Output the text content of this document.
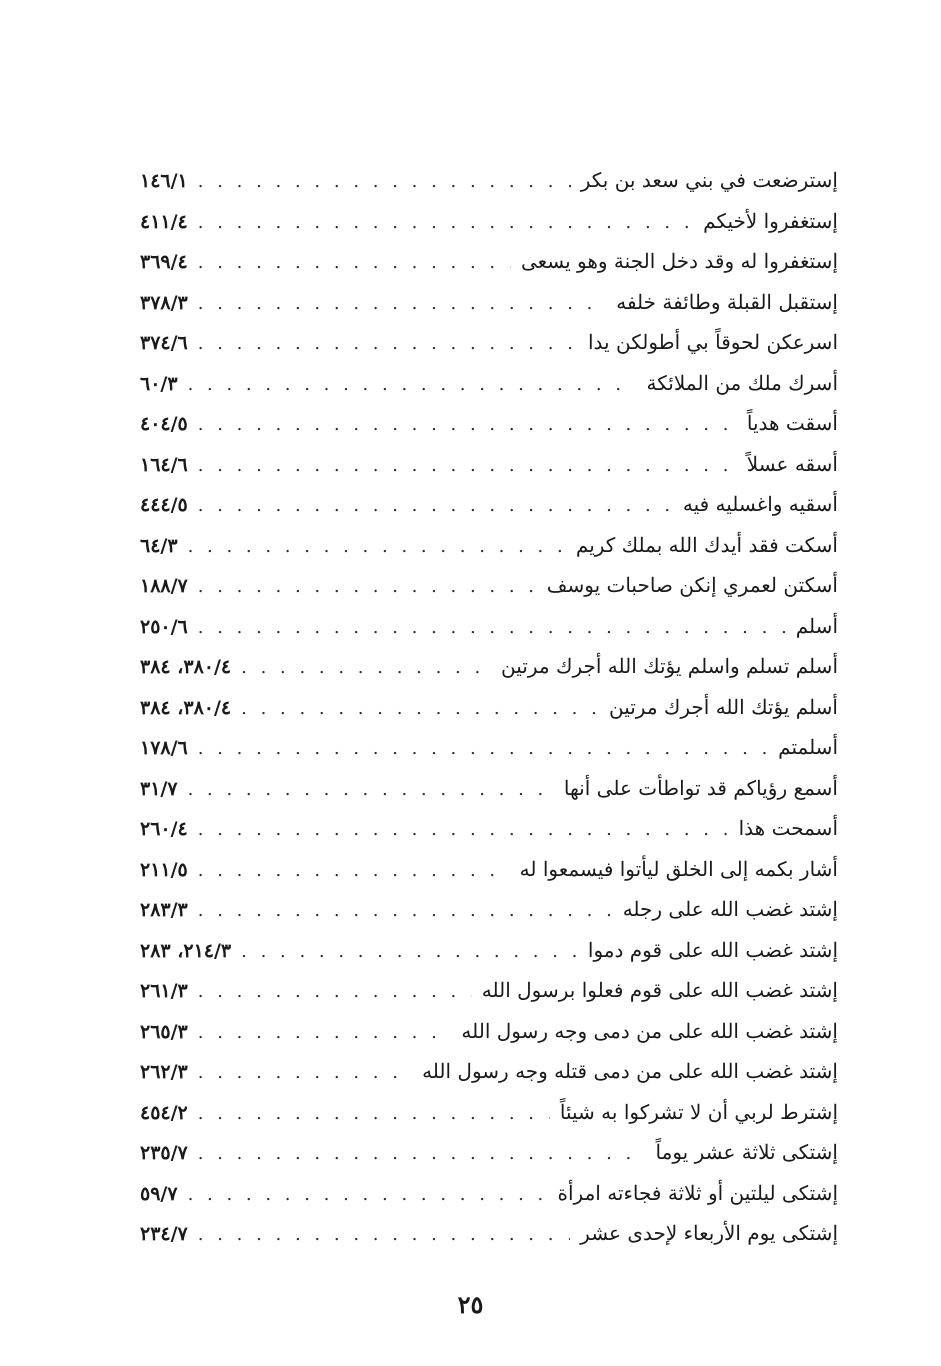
١٤٦/١ . . .	إسترضعت في بني سعد بن بكر
٤١١/٤ . . .	إستغفروا لأخيكم
٣٦٩/٤ . . .	إستغفروا له وقد دخل الجنة وهو يسعى
٣٧٨/٣ . . .	إستقبل القبلة وطائفة خلفه
٣٧٤/٦ . . .	اسرعكن لحوقاً بي أطولكن يدا
٦٠/٣ . . .	أسرك ملك من الملائكة
٤٠٤/٥ . . .	أسقت هدياً
١٦٤/٦ . . .	أسقه عسلاً
٤٤٤/٥ . . .	أسقيه واغسليه فيه
٦٤/٣ . . .	أسكت فقد أيدك الله بملك كريم
١٨٨/٧ . . .	أسكتن لعمري إنكن صاحبات يوسف
٢٥٠/٦ . . .	أسلم
٣٨٠/٤، ٣٨٤ . . .	أسلم تسلم واسلم يؤتك الله أجرك مرتين
٣٨٠/٤، ٣٨٤ . . .	أسلم يؤتك الله أجرك مرتين
١٧٨/٦ . . .	أسلمتم
٣١/٧ . . .	أسمع رؤياكم قد تواطأت على أنها
٢٦٠/٤ . . .	أسمحت هذا
٢١١/٥ . . .	أشار بكمه إلى الخلق ليأتوا فيسمعوا له
٢٨٣/٣ . . .	إشتد غضب الله على رجله
٢١٤/٣، ٢٨٣ . . .	إشتد غضب الله على قوم دموا
٢٦١/٣ . . .	إشتد غضب الله على قوم فعلوا برسول الله
٢٦٥/٣ . . .	إشتد غضب الله على من دمى وجه رسول الله
٢٦٢/٣ . . .	إشتد غضب الله على من دمى قتله وجه رسول الله
٤٥٤/٢ . . .	إشترط لربي أن لا تشركوا به شيئاً
٢٣٥/٧ . . .	إشتكى ثلاثة عشر يوماً
٥٩/٧ . . .	إشتكى ليلتين أو ثلاثة فجاءته امرأة
٢٣٤/٧ . . .	إشتكى يوم الأربعاء لإحدى عشر
٢٥
